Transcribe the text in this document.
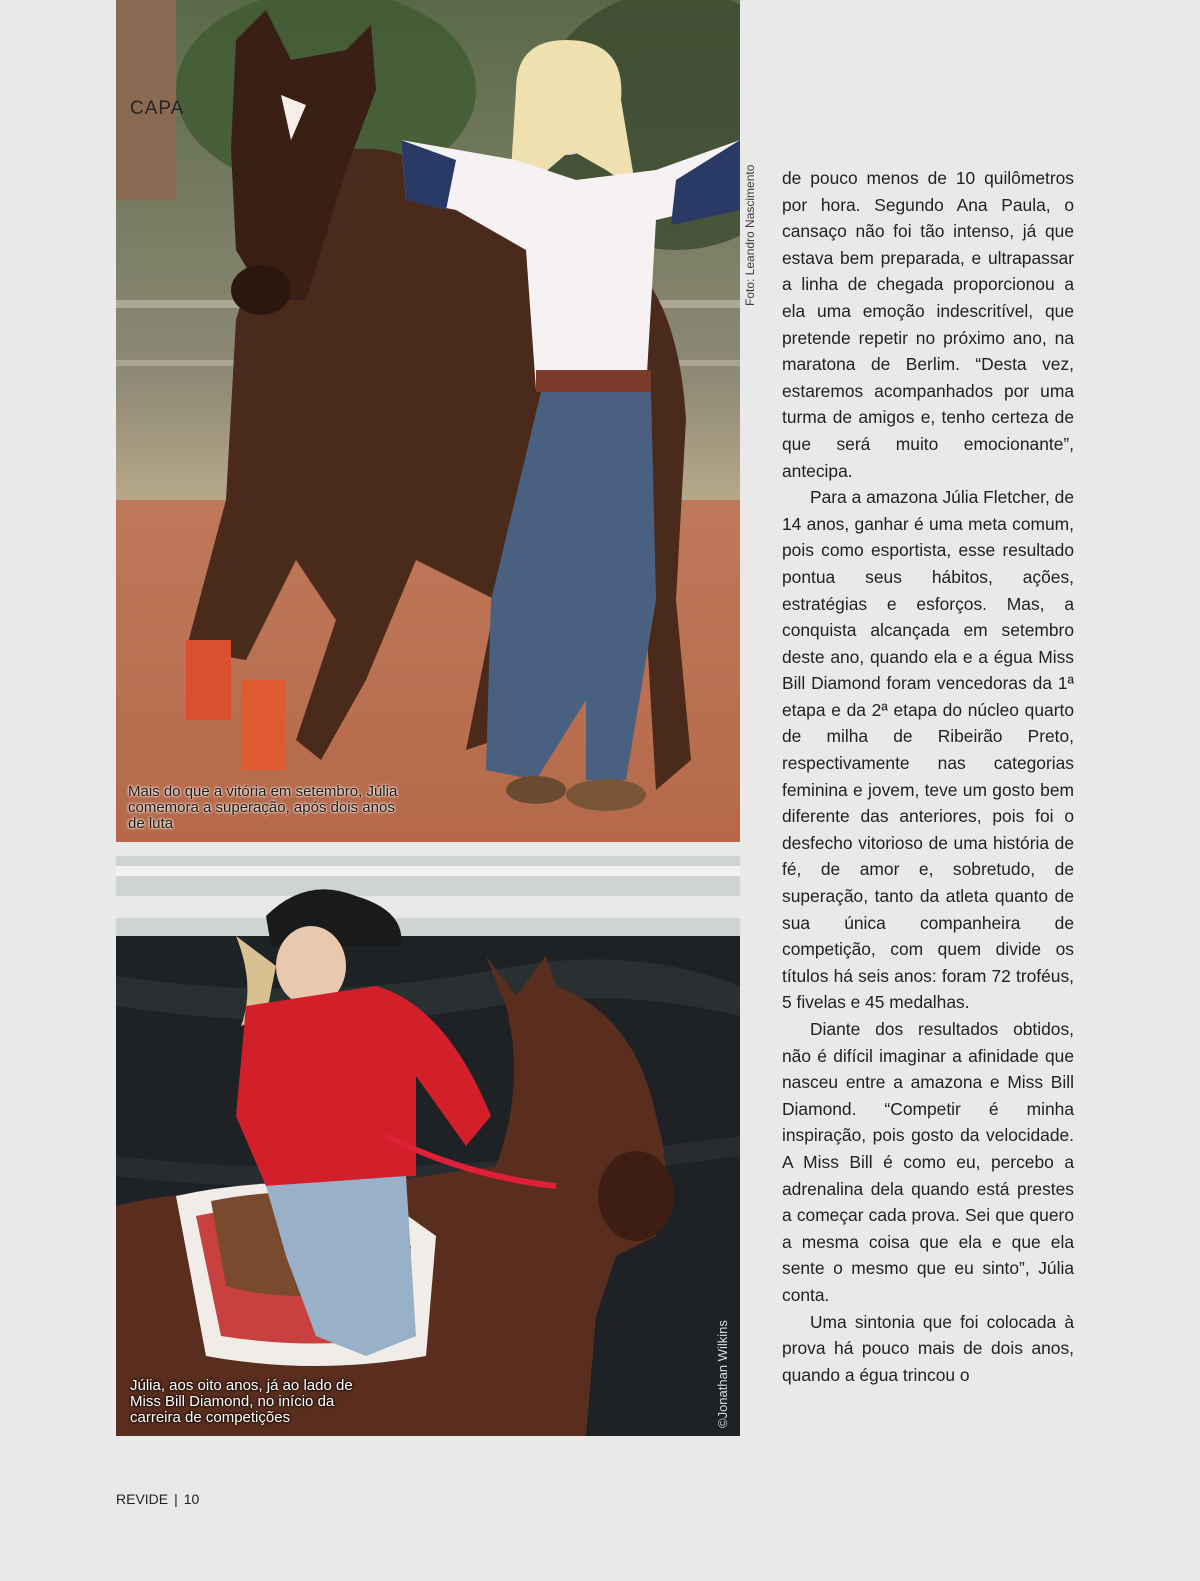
CAPA
Mais do que a vitória em setembro, Júlia comemora a superação, após dois anos de luta
Foto: Leandro Nascimento
Júlia, aos oito anos, já ao lado de Miss Bill Diamond, no início da carreira de competições	©Jonathan Wilkins

de pouco menos de 10 quilômetros por hora. Segundo Ana Paula, o cansaço não foi tão intenso, já que estava bem preparada, e ultrapassar a linha de chegada proporcionou a ela uma emoção indescritível, que pretende repetir no próximo ano, na maratona de Berlim. “Desta vez, estaremos acompanhados por uma turma de amigos e, tenho certeza de que será muito emocionante”, antecipa.

Para a amazona Júlia Fletcher, de 14 anos, ganhar é uma meta comum, pois como esportista, esse resultado pontua seus hábitos, ações, estratégias e esforços. Mas, a conquista alcançada em setembro deste ano, quando ela e a égua Miss Bill Diamond foram vencedoras da 1ª etapa e da 2ª etapa do núcleo quarto de milha de Ribeirão Preto, respectivamente nas categorias feminina e jovem, teve um gosto bem diferente das anteriores, pois foi o desfecho vitorioso de uma história de fé, de amor e, sobretudo, de superação, tanto da atleta quanto de sua única companheira de competição, com quem divide os títulos há seis anos: foram 72 troféus, 5 fivelas e 45 medalhas.

Diante dos resultados obtidos, não é difícil imaginar a afinidade que nasceu entre a amazona e Miss Bill Diamond. “Competir é minha inspiração, pois gosto da velocidade. A Miss Bill é como eu, percebo a adrenalina dela quando está prestes a começar cada prova. Sei que quero a mesma coisa que ela e que ela sente o mesmo que eu sinto”, Júlia conta.

Uma sintonia que foi colocada à prova há pouco mais de dois anos, quando a égua trincou o

REVIDE | 10
